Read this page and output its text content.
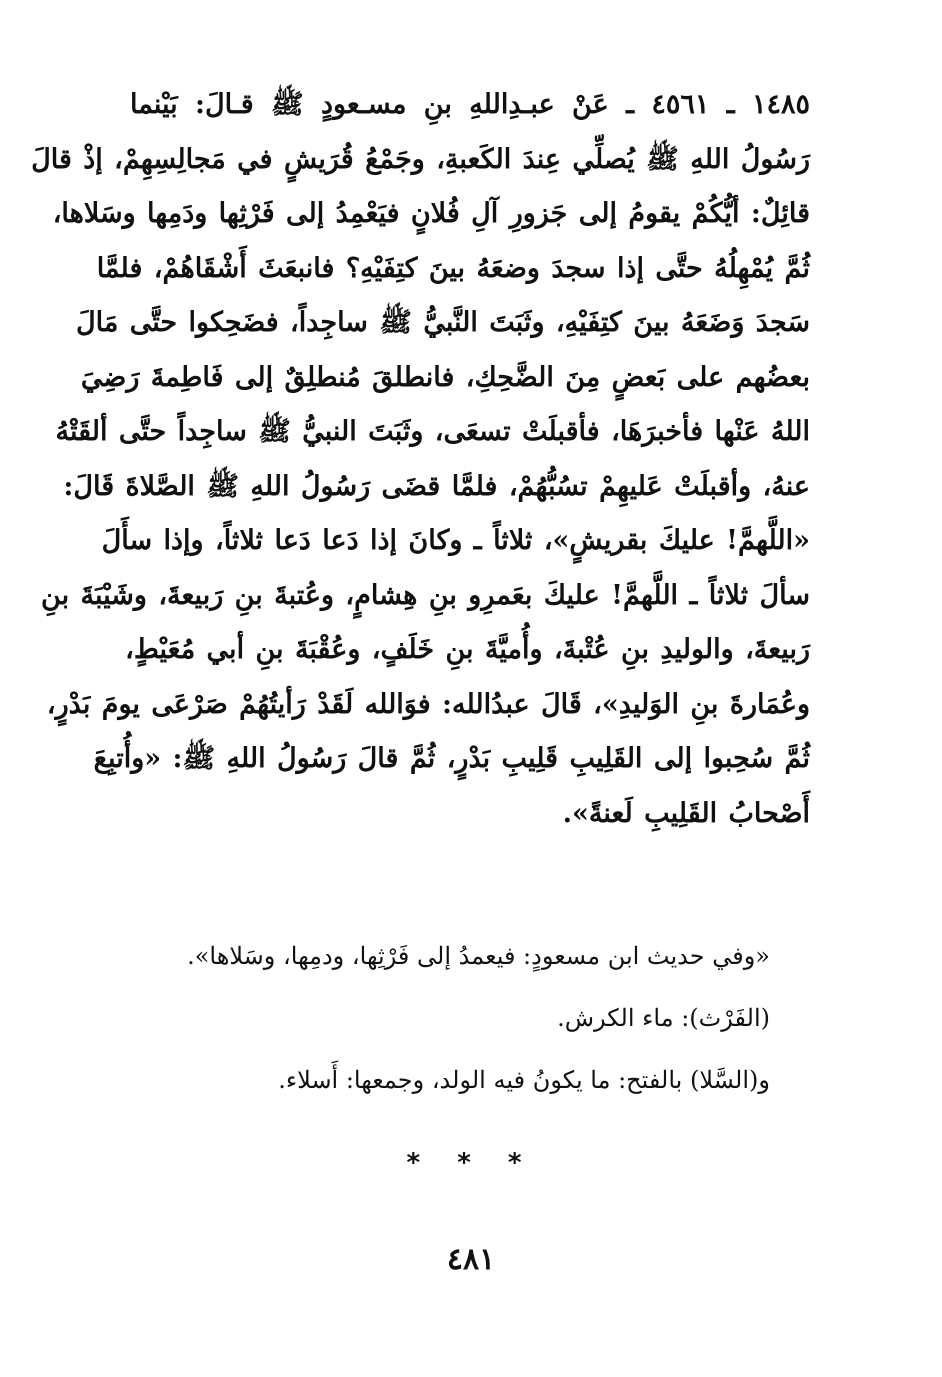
١٤٨٥ ـ ٤٥٦١ ـ عَنْ عبـدِاللهِ بنِ مسـعودٍ ﷺ قـالَ: بَيْنما
رَسُولُ اللهِ ﷺ يُصلِّي عِندَ الكَعبةِ، وجَمْعُ قُرَيشٍ في مَجالِسِهِمْ، إذْ قالَ
قائِلٌ: أيُّكُمْ يقومُ إلى جَزورِ آلِ فُلانٍ فيَعْمِدُ إلى فَرْثِها ودَمِها وسَلاها،
ثُمَّ يُمْهِلُهُ حتَّى إذا سجدَ وضعَهُ بينَ كتِفَيْهِ؟ فانبعَثَ أَشْقَاهُمْ، فلمَّا
سَجدَ وَضَعَهُ بينَ كتِفَيْهِ، وثَبَتَ النَّبيُّ ﷺ ساجِداً، فضَحِكوا حتَّى مَالَ
بعضُهم على بَعضٍ مِنَ الضَّحِكِ، فانطلقَ مُنطلِقٌ إلى فَاطِمةَ رَضِيَ
اللهُ عَنْها فأخبرَهَا، فأقبلَتْ تسعَى، وثَبَتَ النبيُّ ﷺ ساجِداً حتَّى ألقَتْهُ
عنهُ، وأقبلَتْ عَليهِمْ تسُبُّهُمْ، فلمَّا قضَى رَسُولُ اللهِ ﷺ الصَّلاةَ قَالَ:
«اللَّهمَّ! عليكَ بقريشٍ»، ثلاثاً ـ وكانَ إذا دَعا دَعا ثلاثاً، وإذا سأَلَ
سألَ ثلاثاً ـ اللَّهمَّ! عليكَ بعَمرِو بنِ هِشامٍ، وعُتبةَ بنِ رَبيعةَ، وشَيْبَةَ بنِ
رَبيعةَ، والوليدِ بنِ عُتْبةَ، وأُميَّةَ بنِ خَلَفٍ، وعُقْبَةَ بنِ أبي مُعَيْطٍ،
وعُمَارةَ بنِ الوَليدِ»، قَالَ عبدُالله: فوَالله لَقَدْ رَأيتُهُمْ صَرْعَى يومَ بَدْرٍ،
ثُمَّ سُحِبوا إلى القَلِيبِ قَلِيبِ بَدْرٍ، ثُمَّ قالَ رَسُولُ اللهِ ﷺ: «وأُتبِعَ
أَصْحابُ القَلِيبِ لَعنةً».
«وفي حديث ابن مسعودٍ: فيعمدُ إلى فَرْثِها، ودمِها، وسَلاها».
(الفَرْث): ماء الكرش.
و(السَّلا) بالفتح: ما يكونُ فيه الولد، وجمعها: أَسلاء.
* * *
٤٨١
